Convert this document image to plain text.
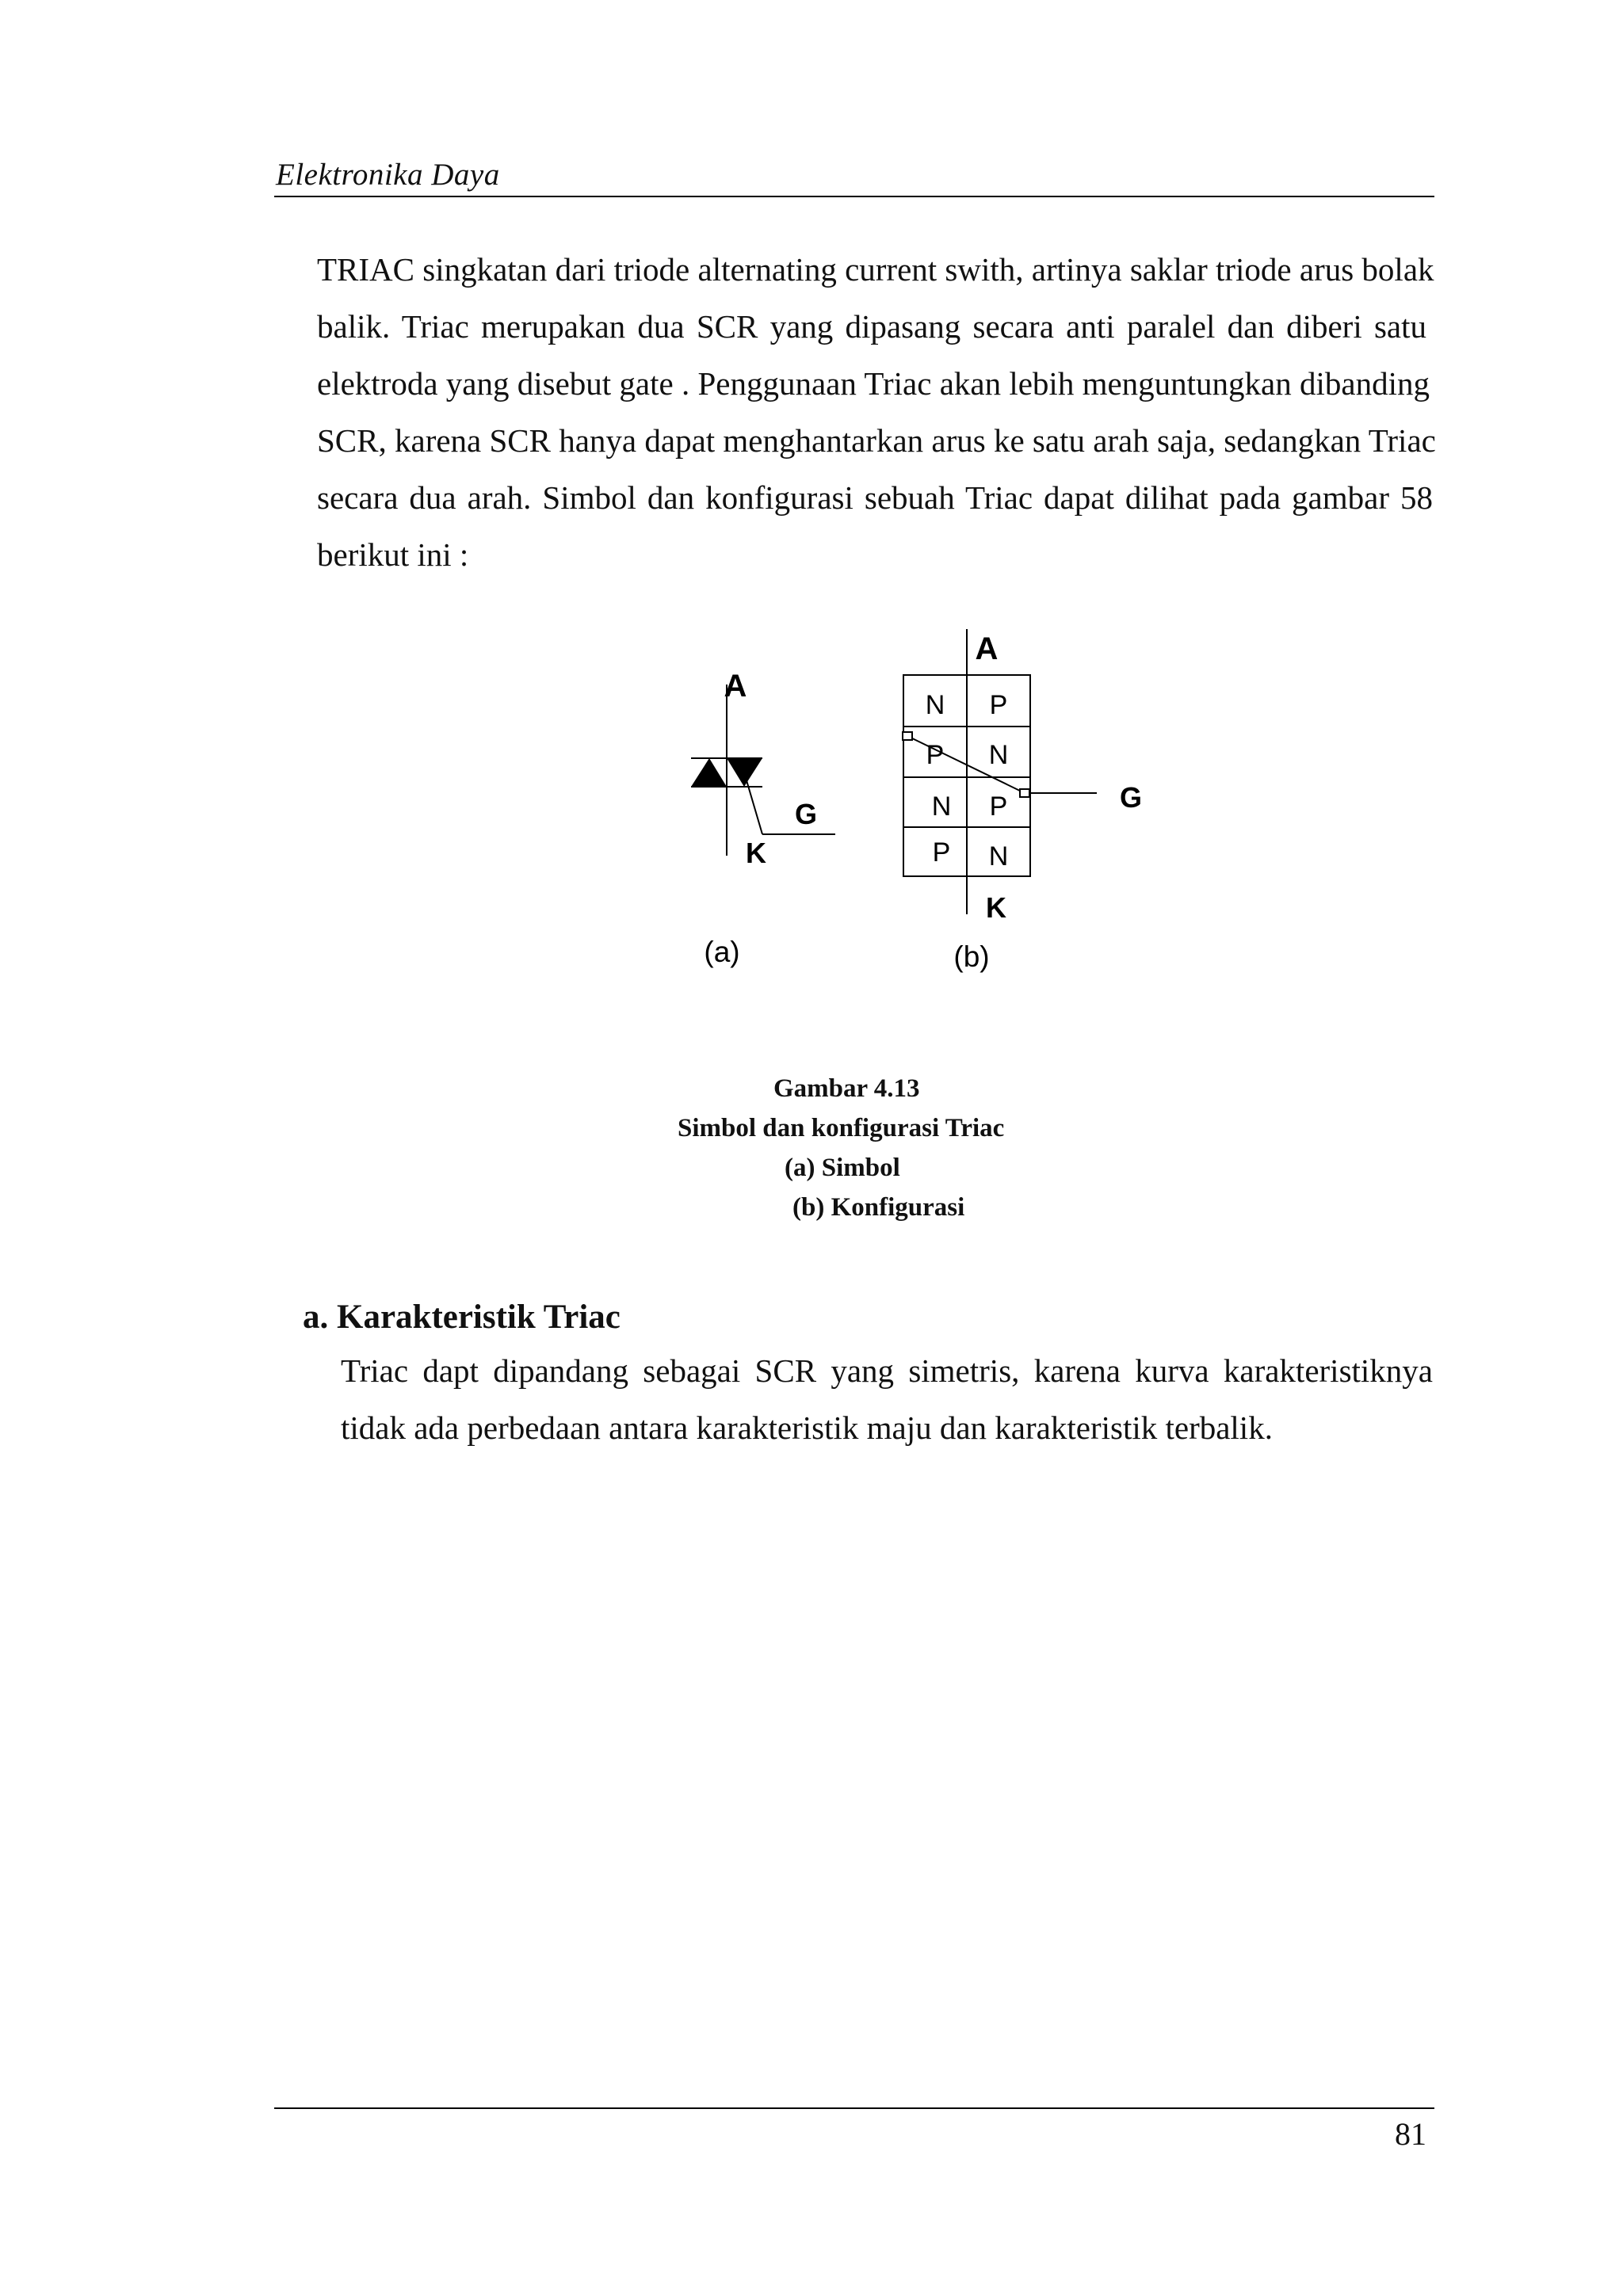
Elektronika Daya
TRIAC singkatan dari triode alternating current swith, artinya saklar triode arus bolak
balik. Triac merupakan dua SCR yang dipasang secara anti paralel dan diberi satu
elektroda yang disebut gate . Penggunaan Triac akan lebih menguntungkan dibanding
SCR, karena SCR hanya dapat menghantarkan arus ke satu arah saja, sedangkan Triac
secara dua arah. Simbol dan konfigurasi sebuah Triac dapat dilihat pada gambar 58
berikut ini :
A
G
K
(a)
N
P
N
P
P
N
P
N
A
G
K
(b)
Gambar 4.13
Simbol dan konfigurasi Triac
(a) Simbol
(b) Konfigurasi
a. Karakteristik Triac
Triac dapt dipandang sebagai SCR yang simetris, karena kurva karakteristiknya
tidak ada perbedaan antara karakteristik maju dan karakteristik terbalik.
81
